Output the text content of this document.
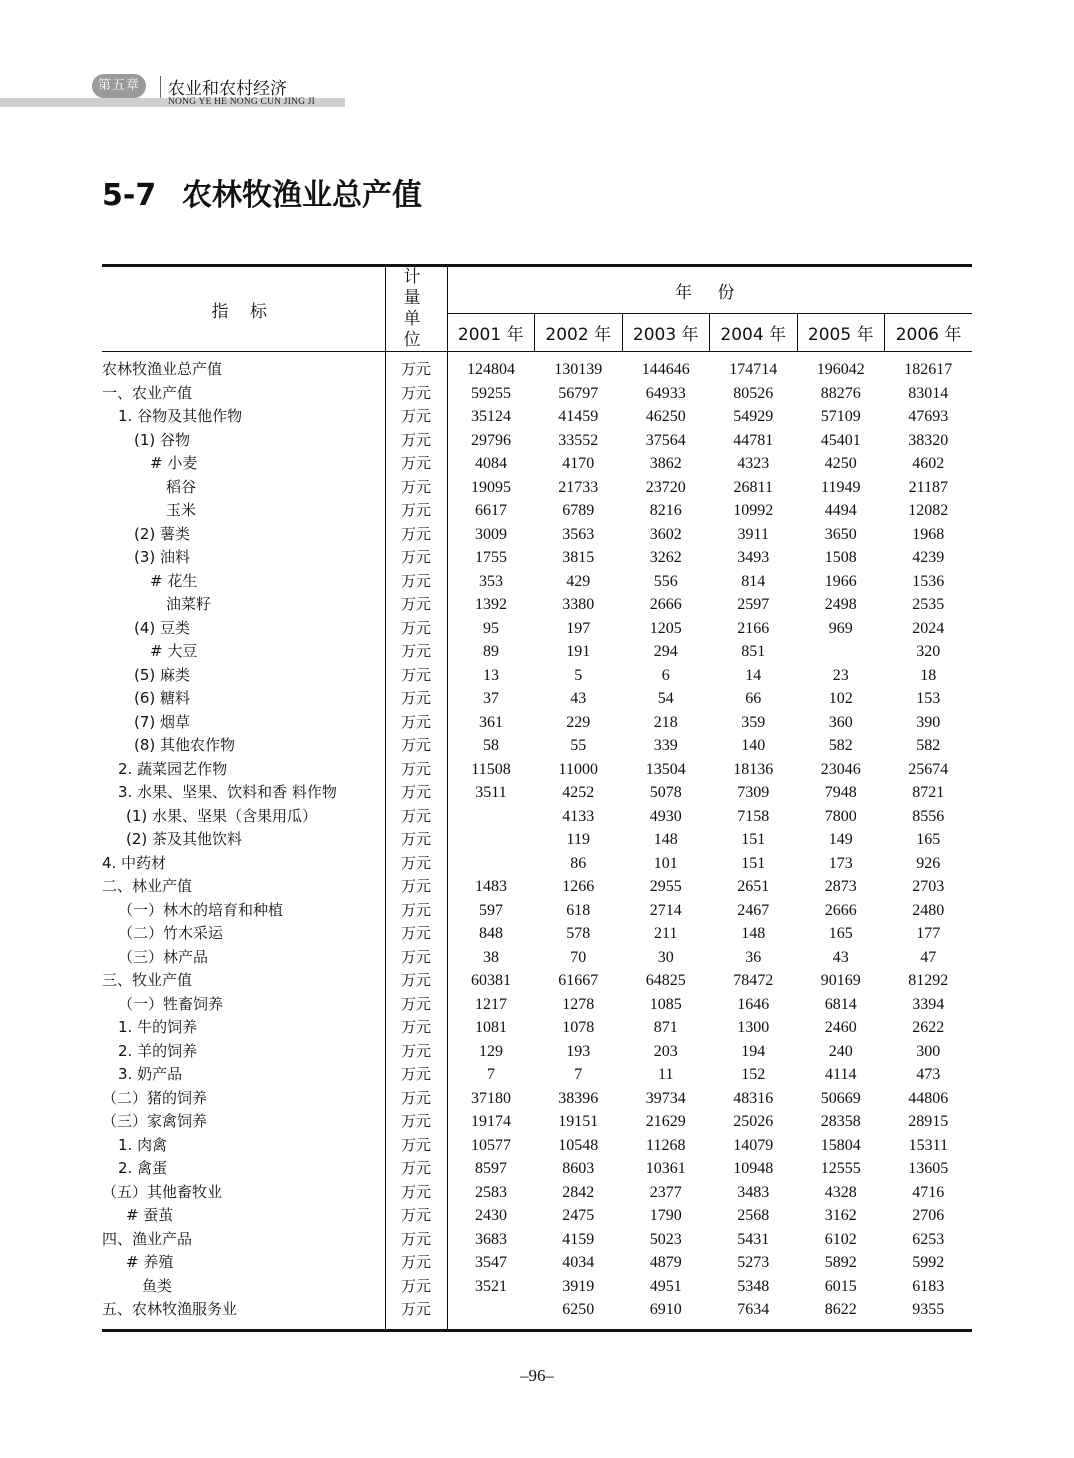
第五章	农业和农村经济
NONG YE HE NONG CUN JING JI
5-7 农林牧渔业总产值
指 标	计 量
单 位	年 份					
		2001 年	2002 年	2003 年	2004 年	2005 年	2006 年
农林牧渔业总产值	万元	124804	130139	144646	174714	196042	182617
一、农业产值	万元	59255	56797	64933	80526	88276	83014
1. 谷物及其他作物	万元	35124	41459	46250	54929	57109	47693
(1) 谷物	万元	29796	33552	37564	44781	45401	38320
# 小麦	万元	4084	4170	3862	4323	4250	4602
稻谷	万元	19095	21733	23720	26811	11949	21187
玉米	万元	6617	6789	8216	10992	4494	12082
(2) 薯类	万元	3009	3563	3602	3911	3650	1968
(3) 油料	万元	1755	3815	3262	3493	1508	4239
# 花生	万元	353	429	556	814	1966	1536
油菜籽	万元	1392	3380	2666	2597	2498	2535
(4) 豆类	万元	95	197	1205	2166	969	2024
# 大豆	万元	89	191	294	851		320
(5) 麻类	万元	13	5	6	14	23	18
(6) 糖料	万元	37	43	54	66	102	153
(7) 烟草	万元	361	229	218	359	360	390
(8) 其他农作物	万元	58	55	339	140	582	582
2. 蔬菜园艺作物	万元	11508	11000	13504	18136	23046	25674
3. 水果、坚果、饮料和香 料作物	万元	3511	4252	5078	7309	7948	8721
(1) 水果、坚果（含果用瓜）	万元		4133	4930	7158	7800	8556
(2) 茶及其他饮料	万元		119	148	151	149	165
4. 中药材	万元		86	101	151	173	926
二、林业产值	万元	1483	1266	2955	2651	2873	2703
（一）林木的培育和种植	万元	597	618	2714	2467	2666	2480
（二）竹木采运	万元	848	578	211	148	165	177
（三）林产品	万元	38	70	30	36	43	47
三、牧业产值	万元	60381	61667	64825	78472	90169	81292
（一）牲畜饲养	万元	1217	1278	1085	1646	6814	3394
1. 牛的饲养	万元	1081	1078	871	1300	2460	2622
2. 羊的饲养	万元	129	193	203	194	240	300
3. 奶产品	万元	7	7	11	152	4114	473
（二）猪的饲养	万元	37180	38396	39734	48316	50669	44806
（三）家禽饲养	万元	19174	19151	21629	25026	28358	28915
1. 肉禽	万元	10577	10548	11268	14079	15804	15311
2. 禽蛋	万元	8597	8603	10361	10948	12555	13605
（五）其他畜牧业	万元	2583	2842	2377	3483	4328	4716
# 蚕茧	万元	2430	2475	1790	2568	3162	2706
四、渔业产品	万元	3683	4159	5023	5431	6102	6253
# 养殖	万元	3547	4034	4879	5273	5892	5992
鱼类	万元	3521	3919	4951	5348	6015	6183
五、农林牧渔服务业	万元		6250	6910	7634	8622	9355
–96–
